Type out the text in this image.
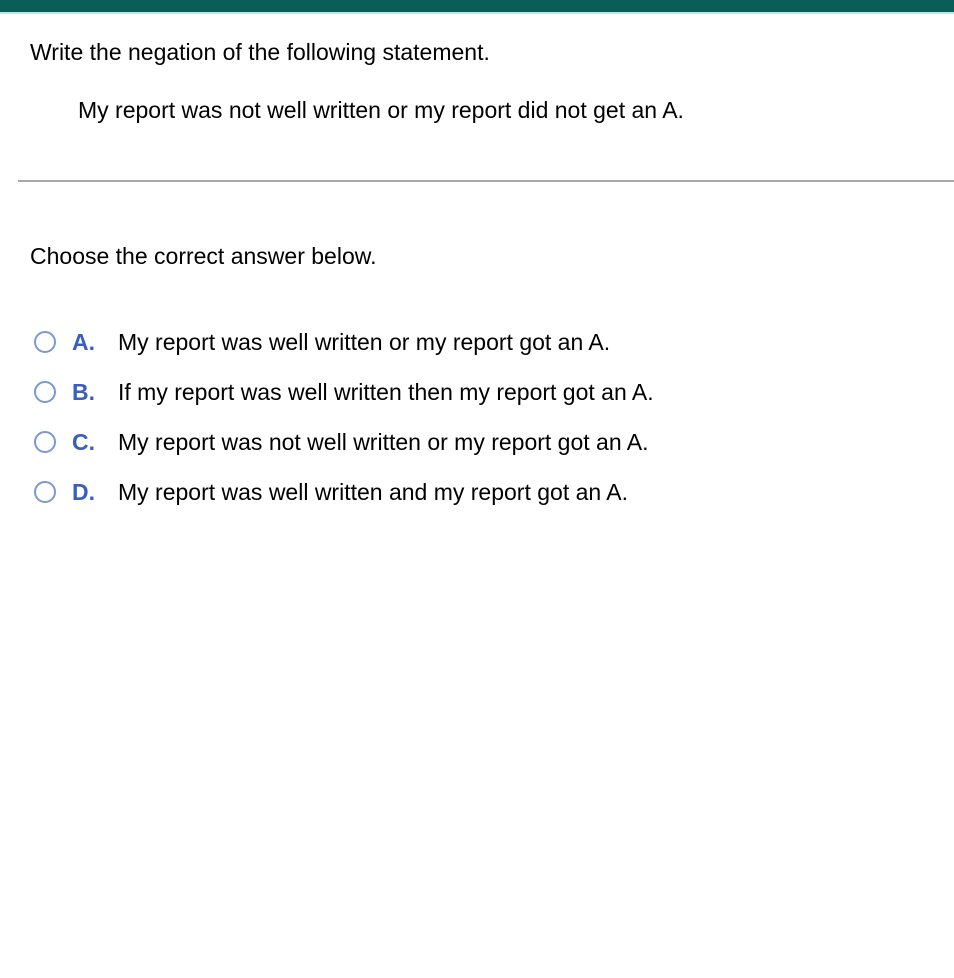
Write the negation of the following statement.

My report was not well written or my report did not get an A.

Choose the correct answer below.

A.	My report was well written or my report got an A.
B.	If my report was well written then my report got an A.
C.	My report was not well written or my report got an A.
D.	My report was well written and my report got an A.
